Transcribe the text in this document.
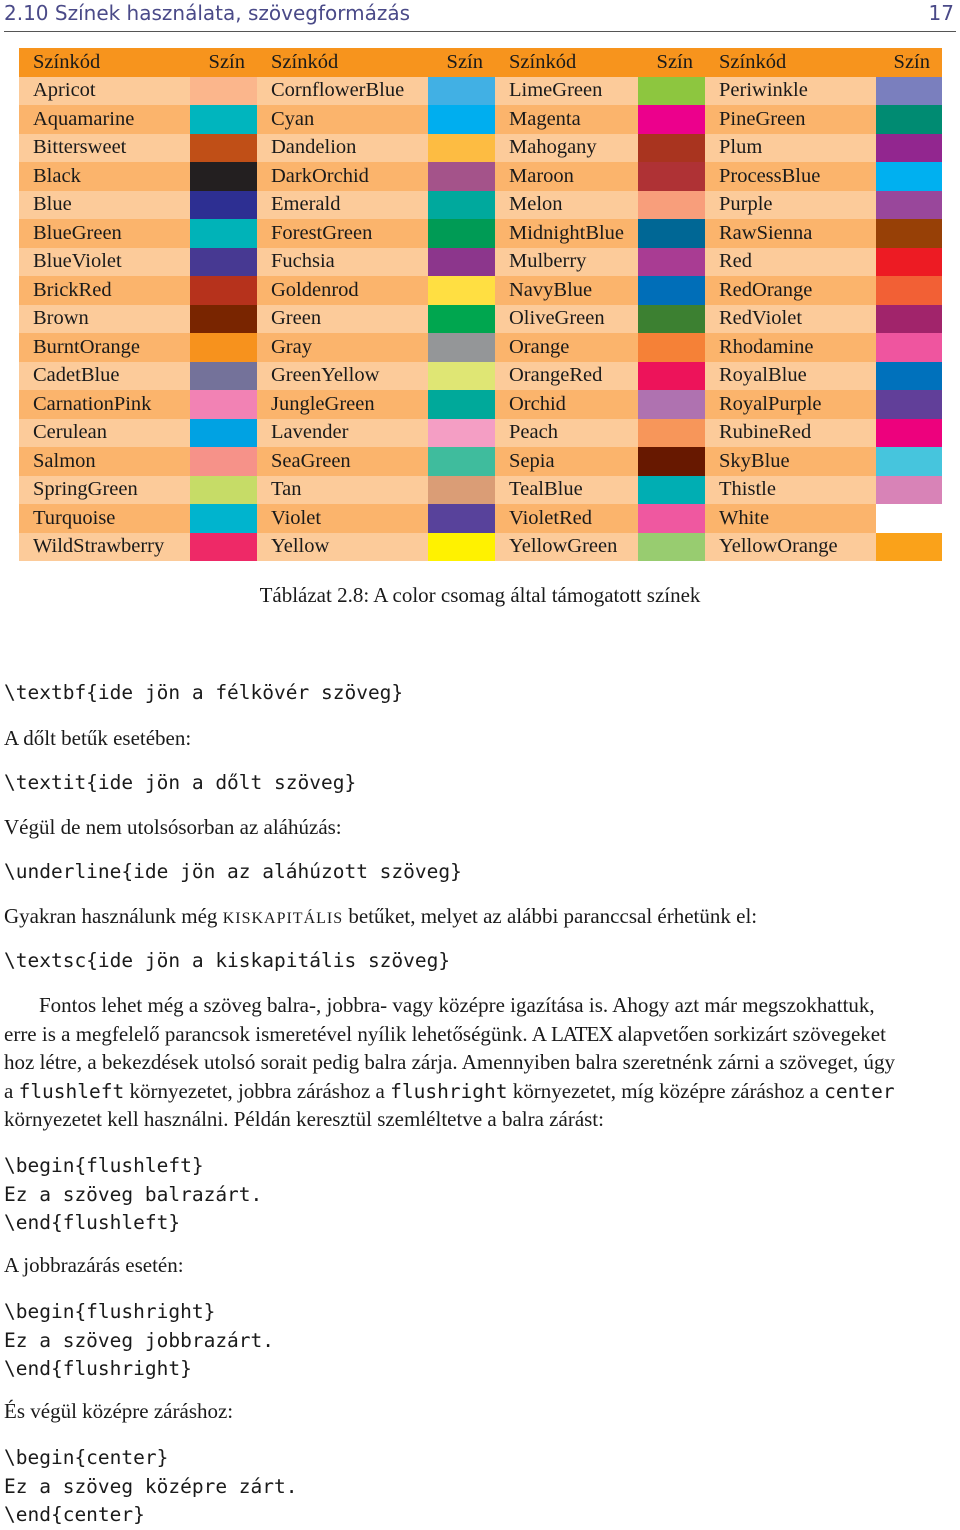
2.10 Színek használata, szövegformázás	17
Színkód	Szín	Színkód	Szín	Színkód	Szín	Színkód	Szín
Apricot		CornflowerBlue		LimeGreen		Periwinkle	
Aquamarine		Cyan		Magenta		PineGreen	
Bittersweet		Dandelion		Mahogany		Plum	
Black		DarkOrchid		Maroon		ProcessBlue	
Blue		Emerald		Melon		Purple	
BlueGreen		ForestGreen		MidnightBlue		RawSienna	
BlueViolet		Fuchsia		Mulberry		Red	
BrickRed		Goldenrod		NavyBlue		RedOrange	
Brown		Green		OliveGreen		RedViolet	
BurntOrange		Gray		Orange		Rhodamine	
CadetBlue		GreenYellow		OrangeRed		RoyalBlue	
CarnationPink		JungleGreen		Orchid		RoyalPurple	
Cerulean		Lavender		Peach		RubineRed	
Salmon		SeaGreen		Sepia		SkyBlue	
SpringGreen		Tan		TealBlue		Thistle	
Turquoise		Violet		VioletRed		White	
WildStrawberry		Yellow		YellowGreen		YellowOrange	
Táblázat 2.8: A color csomag által támogatott színek
\textbf{ide jön a félkövér szöveg}
A dőlt betűk esetében:
\textit{ide jön a dőlt szöveg}
Végül de nem utolsósorban az aláhúzás:
\underline{ide jön az aláhúzott szöveg}
Gyakran használunk még KISKAPITÁLIS betűket, melyet az alábbi paranccsal érhetünk el:
\textsc{ide jön a kiskapitális szöveg}
Fontos lehet még a szöveg balra-, jobbra- vagy középre igazítása is. Ahogy azt már megszokhattuk,
erre is a megfelelő parancsok ismeretével nyílik lehetőségünk. A LATEX alapvetően sorkizárt szövegeket
hoz létre, a bekezdések utolsó sorait pedig balra zárja. Amennyiben balra szeretnénk zárni a szöveget, úgy
a flushleft környezetet, jobbra záráshoz a flushright környezetet, míg középre záráshoz a center
környezetet kell használni. Példán keresztül szemléltetve a balra zárást:
\begin{flushleft}
Ez a szöveg balrazárt.
\end{flushleft}
A jobbrazárás esetén:
\begin{flushright}
Ez a szöveg jobbrazárt.
\end{flushright}
És végül középre záráshoz:
\begin{center}
Ez a szöveg középre zárt.
\end{center}
